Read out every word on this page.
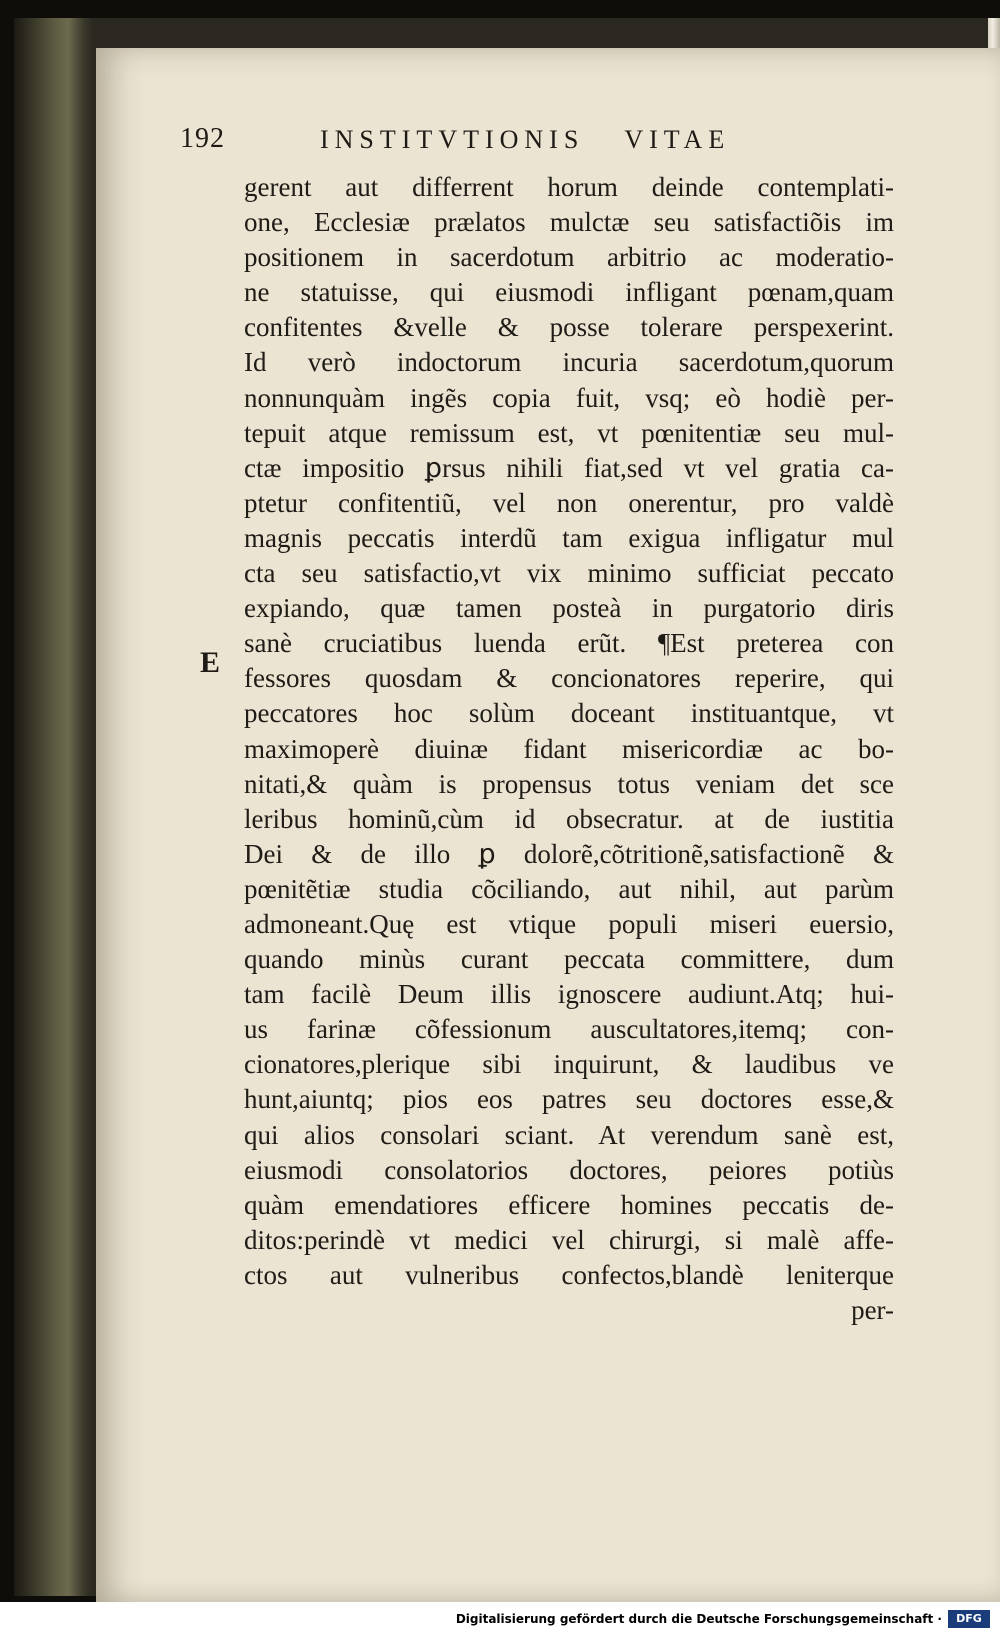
192	INSTITVTIONIS VITAE
E
gerent aut differrent horum deinde contemplati-
one, Ecclesiæ prælatos mulctæ seu satisfactiõis im
positionem in sacerdotum arbitrio ac moderatio-
ne statuisse, qui eiusmodi infligant pœnam,quam
confitentes &velle & posse tolerare perspexerint.
Id verò indoctorum incuria sacerdotum,quorum
nonnunquàm ingẽs copia fuit, vsq; eò hodiè per-
tepuit atque remissum est, vt pœnitentiæ seu mul-
ctæ impositio ꝑrsus nihili fiat,sed vt vel gratia ca-
ptetur confitentiũ, vel non onerentur, pro valdè
magnis peccatis interdũ tam exigua infligatur mul
cta seu satisfactio,vt vix minimo sufficiat peccato
expiando, quæ tamen posteà in purgatorio diris
sanè cruciatibus luenda erũt. ¶Est preterea con
fessores quosdam & concionatores reperire, qui
peccatores hoc solùm doceant instituantque, vt
maximoperè diuinæ fidant misericordiæ ac bo-
nitati,& quàm is propensus totus veniam det sce
leribus hominũ,cùm id obsecratur. at de iustitia
Dei & de illo ꝑ dolorẽ,cõtritionẽ,satisfactionẽ &
pœnitẽtiæ studia cõciliando, aut nihil, aut parùm
admoneant.Quę est vtique populi miseri euersio,
quando minùs curant peccata committere, dum
tam facilè Deum illis ignoscere audiunt.Atq; hui-
us farinæ cõfessionum auscultatores,itemq; con-
cionatores,plerique sibi inquirunt, & laudibus ve
hunt,aiuntq; pios eos patres seu doctores esse,&
qui alios consolari sciant. At verendum sanè est,
eiusmodi consolatorios doctores, peiores potiùs
quàm emendatiores efficere homines peccatis de-
ditos:perindè vt medici vel chirurgi, si malè affe-
ctos aut vulneribus confectos,blandè leniterque
per-
Digitalisierung gefördert durch die Deutsche Forschungsgemeinschaft ·	DFG
